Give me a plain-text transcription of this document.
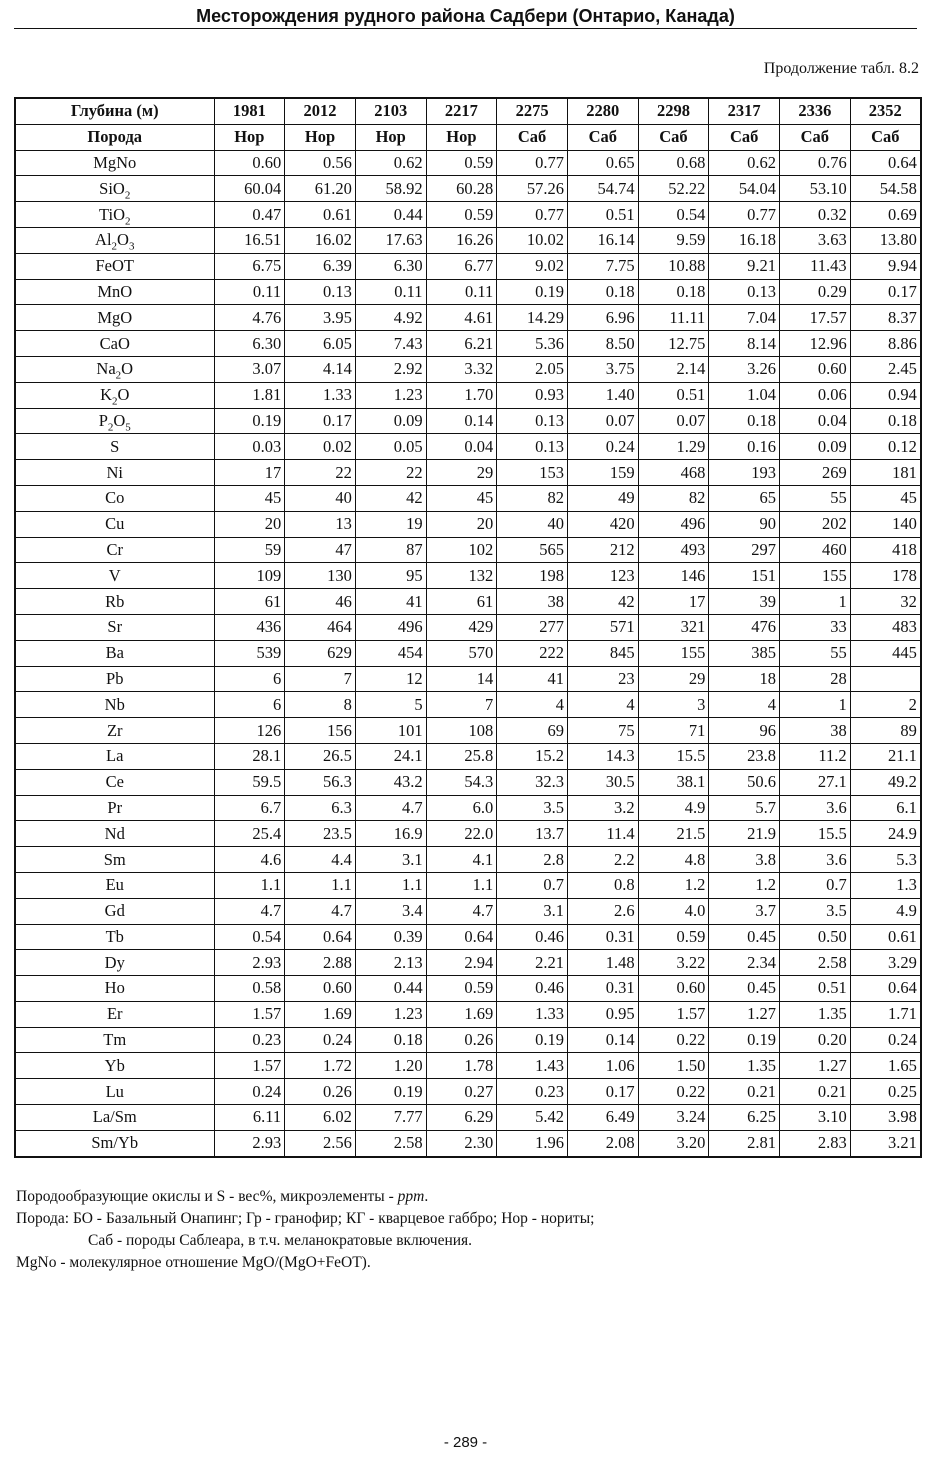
Месторождения рудного района Садбери (Онтарио, Канада)
Продолжение табл. 8.2
Глубина (м)	1981	2012	2103	2217	2275	2280	2298	2317	2336	2352
Порода	Нор	Нор	Нор	Нор	Саб	Саб	Саб	Саб	Саб	Саб
MgNo	0.60	0.56	0.62	0.59	0.77	0.65	0.68	0.62	0.76	0.64
SiO$_2$	60.04	61.20	58.92	60.28	57.26	54.74	52.22	54.04	53.10	54.58
TiO$_2$	0.47	0.61	0.44	0.59	0.77	0.51	0.54	0.77	0.32	0.69
$Al_2O_3$	16.51	16.02	17.63	16.26	10.02	16.14	9.59	16.18	3.63	13.80
FeOT	6.75	6.39	6.30	6.77	9.02	7.75	10.88	9.21	11.43	9.94
MnO	0.11	0.13	0.11	0.11	0.19	0.18	0.18	0.13	0.29	0.17
MgO	4.76	3.95	4.92	4.61	14.29	6.96	11.11	7.04	17.57	8.37
CaO	6.30	6.05	7.43	6.21	5.36	8.50	12.75	8.14	12.96	8.86
$Na_2O$	3.07	4.14	2.92	3.32	2.05	3.75	2.14	3.26	0.60	2.45
$K_2O$	1.81	1.33	1.23	1.70	0.93	1.40	0.51	1.04	0.06	0.94
$P_2O_5$	0.19	0.17	0.09	0.14	0.13	0.07	0.07	0.18	0.04	0.18
S	0.03	0.02	0.05	0.04	0.13	0.24	1.29	0.16	0.09	0.12
Ni	17	22	22	29	153	159	468	193	269	181
Co	45	40	42	45	82	49	82	65	55	45
Cu	20	13	19	20	40	420	496	90	202	140
Cr	59	47	87	102	565	212	493	297	460	418
V	109	130	95	132	198	123	146	151	155	178
Rb	61	46	41	61	38	42	17	39	1	32
Sr	436	464	496	429	277	571	321	476	33	483
Ba	539	629	454	570	222	845	155	385	55	445
Pb	6	7	12	14	41	23	29	18	28	
Nb	6	8	5	7	4	4	3	4	1	2
Zr	126	156	101	108	69	75	71	96	38	89
La	28.1	26.5	24.1	25.8	15.2	14.3	15.5	23.8	11.2	21.1
Ce	59.5	56.3	43.2	54.3	32.3	30.5	38.1	50.6	27.1	49.2
Pr	6.7	6.3	4.7	6.0	3.5	3.2	4.9	5.7	3.6	6.1
Nd	25.4	23.5	16.9	22.0	13.7	11.4	21.5	21.9	15.5	24.9
Sm	4.6	4.4	3.1	4.1	2.8	2.2	4.8	3.8	3.6	5.3
Eu	1.1	1.1	1.1	1.1	0.7	0.8	1.2	1.2	0.7	1.3
Gd	4.7	4.7	3.4	4.7	3.1	2.6	4.0	3.7	3.5	4.9
Tb	0.54	0.64	0.39	0.64	0.46	0.31	0.59	0.45	0.50	0.61
Dy	2.93	2.88	2.13	2.94	2.21	1.48	3.22	2.34	2.58	3.29
Ho	0.58	0.60	0.44	0.59	0.46	0.31	0.60	0.45	0.51	0.64
Er	1.57	1.69	1.23	1.69	1.33	0.95	1.57	1.27	1.35	1.71
Tm	0.23	0.24	0.18	0.26	0.19	0.14	0.22	0.19	0.20	0.24
Yb	1.57	1.72	1.20	1.78	1.43	1.06	1.50	1.35	1.27	1.65
Lu	0.24	0.26	0.19	0.27	0.23	0.17	0.22	0.21	0.21	0.25
La/Sm	6.11	6.02	7.77	6.29	5.42	6.49	3.24	6.25	3.10	3.98
Sm/Yb	2.93	2.56	2.58	2.30	1.96	2.08	3.20	2.81	2.83	3.21

Породообразующие окислы и S - вес%, микроэлементы - ppm.

Порода: БО - Базальный Онапинг; Гр - гранофир; КГ - кварцевое габбро; Нор - нориты;

Саб - породы Саблеара, в т.ч. меланократовые включения.

MgNo - молекулярное отношение MgO/(MgO+FeOT).

- 289 -
